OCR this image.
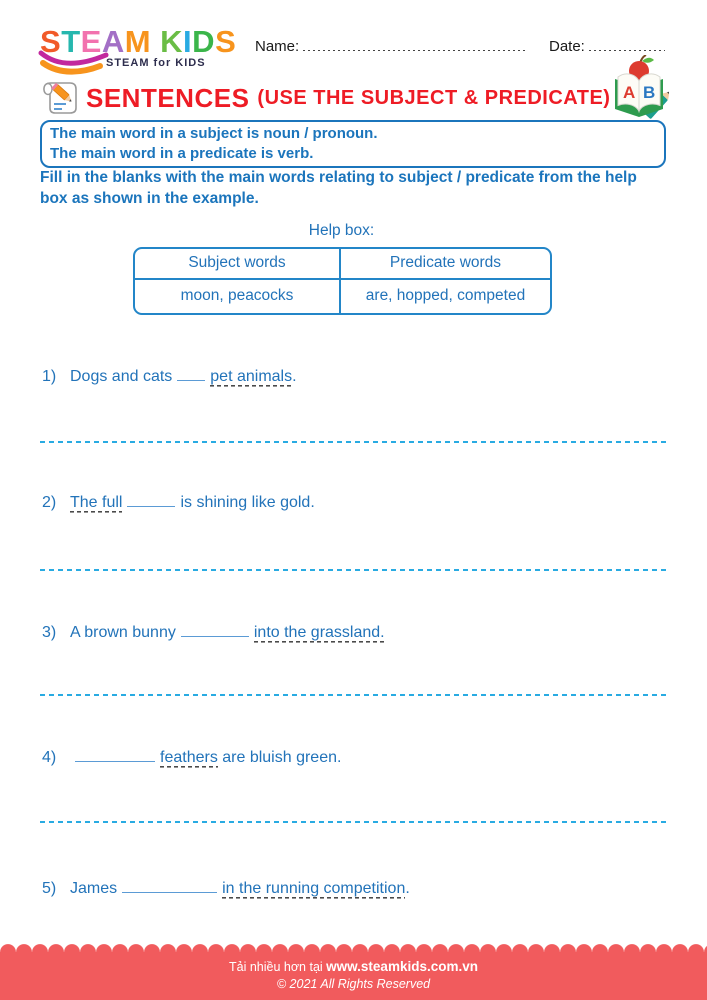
STEAM KIDS
STEAM for KIDS
Name:	Date:
SENTENCES (USE THE SUBJECT & PREDICATE) A B
The main word in a subject is noun / pronoun.
The main word in a predicate is verb.
Fill in the blanks with the main words relating to subject / predicate from the help box as shown in the example.
Help box:
Subject words	Predicate words
moon, peacocks	are, hopped, competed
1) Dogs and cats pet animals.
2) The full	is shining like gold.
3) A brown bunny	into the grassland.
4)	feathers are bluish green.
5) James	in the running competition.
Tải nhiều hơn tại www.steamkids.com.vn
© 2021 All Rights Reserved
